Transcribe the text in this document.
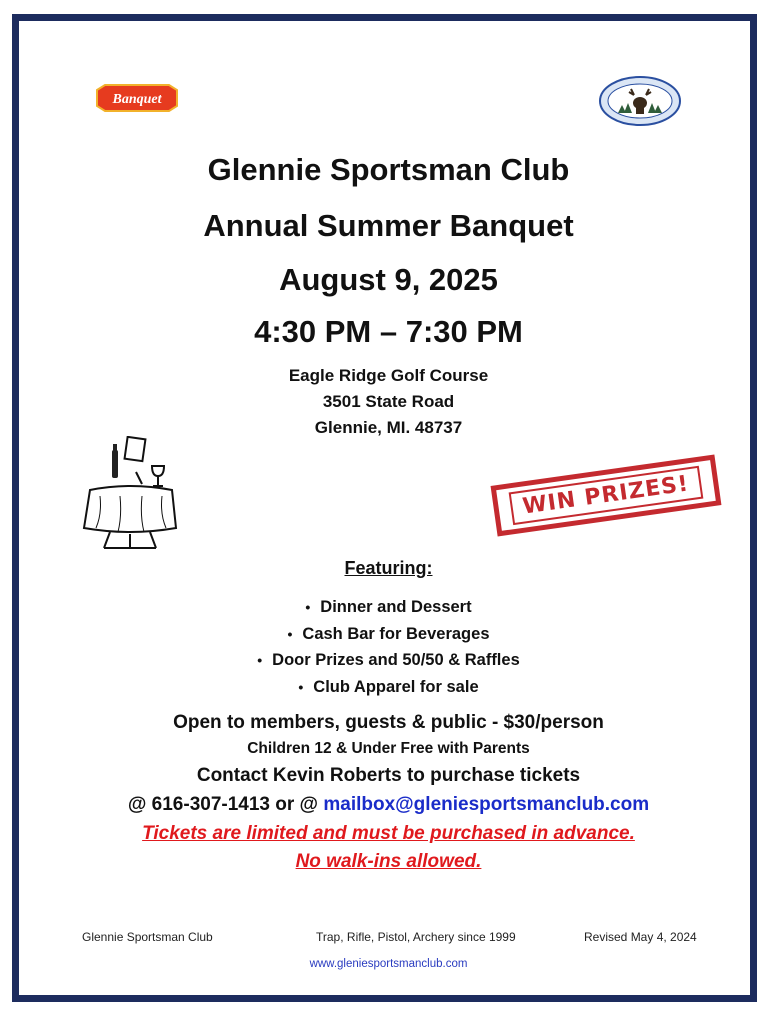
Banquet
Glennie Sportsman Club
Annual Summer Banquet
August 9, 2025
4:30 PM – 7:30 PM
Eagle Ridge Golf Course
3501 State Road
Glennie, MI. 48737
WIN PRIZES!
Featuring:
• Dinner and Dessert
• Cash Bar for Beverages
• Door Prizes and 50/50 & Raffles
• Club Apparel for sale
Open to members, guests & public - $30/person
Children 12 & Under Free with Parents
Contact Kevin Roberts to purchase tickets
@ 616-307-1413 or @ mailbox@gleniesportsmanclub.com
Tickets are limited and must be purchased in advance.
No walk-ins allowed.
Glennie Sportsman Club	Trap, Rifle, Pistol, Archery since 1999	Revised May 4, 2024
www.gleniesportsmanclub.com
